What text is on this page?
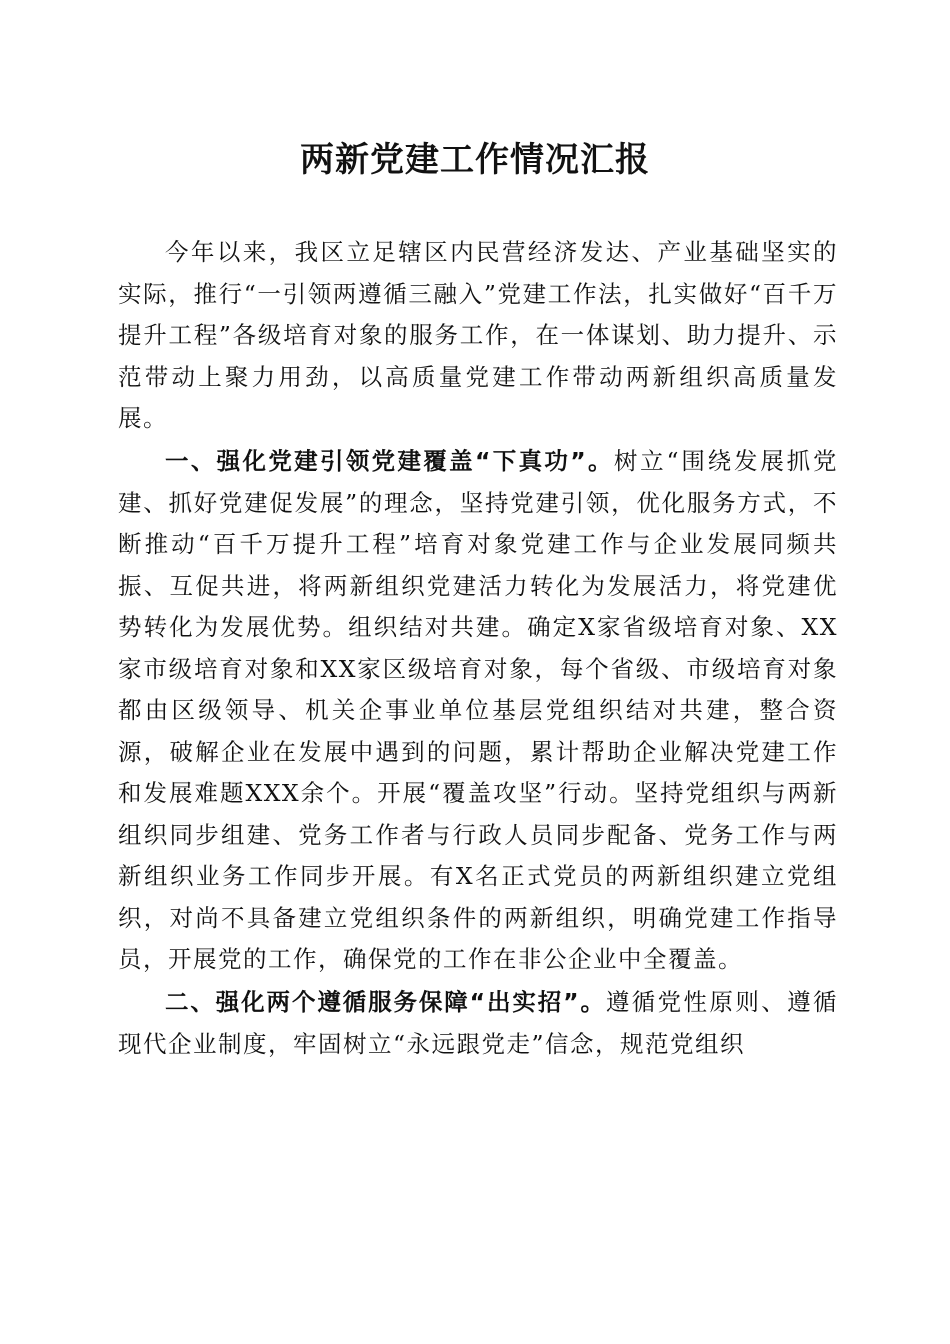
两新党建工作情况汇报

今年以来，我区立足辖区内民营经济发达、产业基础坚实的实际，推行“一引领两遵循三融入”党建工作法，扎实做好“百千万提升工程”各级培育对象的服务工作，在一体谋划、助力提升、示范带动上聚力用劲，以高质量党建工作带动两新组织高质量发展。

一、强化党建引领党建覆盖“下真功”。树立“围绕发展抓党建、抓好党建促发展”的理念，坚持党建引领，优化服务方式，不断推动“百千万提升工程”培育对象党建工作与企业发展同频共振、互促共进，将两新组织党建活力转化为发展活力，将党建优势转化为发展优势。组织结对共建。确定X家省级培育对象、XX家市级培育对象和XX家区级培育对象，每个省级、市级培育对象都由区级领导、机关企事业单位基层党组织结对共建，整合资源，破解企业在发展中遇到的问题，累计帮助企业解决党建工作和发展难题XXX余个。开展“覆盖攻坚”行动。坚持党组织与两新组织同步组建、党务工作者与行政人员同步配备、党务工作与两新组织业务工作同步开展。有X名正式党员的两新组织建立党组织，对尚不具备建立党组织条件的两新组织，明确党建工作指导员，开展党的工作，确保党的工作在非公企业中全覆盖。

二、强化两个遵循服务保障“出实招”。遵循党性原则、遵循现代企业制度，牢固树立“永远跟党走”信念，规范党组织
